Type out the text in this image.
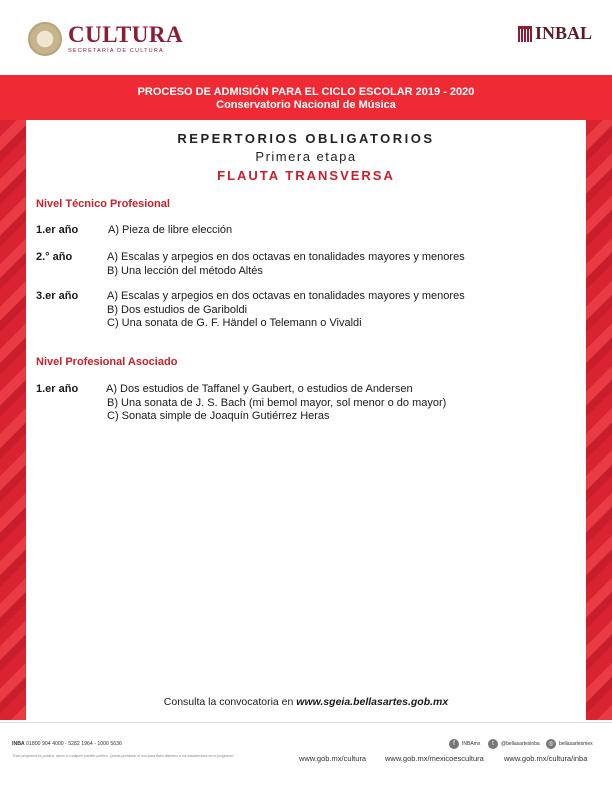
CULTURA
SECRETARÍA DE CULTURA
INBAL
PROCESO DE ADMISIÓN PARA EL CICLO ESCOLAR 2019 - 2020
Conservatorio Nacional de Música
REPERTORIOS OBLIGATORIOS
Primera etapa
FLAUTA TRANSVERSA
Nivel Técnico Profesional
1.er año	A) Pieza de libre elección
2.° año	A) Escalas y arpegios en dos octavas en tonalidades mayores y menores
B) Una lección del método Altés
3.er año	A) Escalas y arpegios en dos octavas en tonalidades mayores y menores
B) Dos estudios de Gariboldi
C) Una sonata de G. F. Händel o Telemann o Vivaldi
Nivel Profesional Asociado
1.er año	A) Dos estudios de Taffanel y Gaubert, o estudios de Andersen
B) Una sonata de J. S. Bach (mi bemol mayor, sol menor o do mayor)
C) Sonata simple de Joaquín Gutiérrez Heras
Consulta la convocatoria en www.sgeia.bellasartes.gob.mx
INBA 01800 904 4000 - 5282 1964 - 1000 5636
"Este programa es público, ajeno a cualquier partido político. Queda prohibido el uso para fines distintos a los establecidos en el programa"
f	INBAmx	t	@bellasartesinba	◎	bellasartesmex
www.gob.mx/cultura	www.gob.mx/mexicoescultura	www.gob.mx/cultura/inba
